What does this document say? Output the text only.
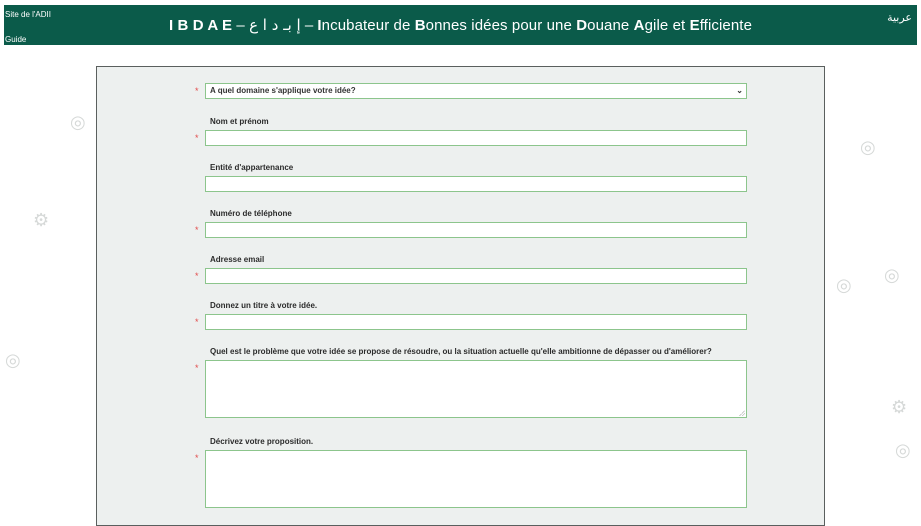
⚙
⚙
◎
◎
◎
◎
◎
◎
Site de l'ADII
Guide
عربية
I B D A E – إ بـ د ا ع – Incubateur de Bonnes idées pour une Douane Agile et Efficiente
*	A quel domaine s'applique votre idée?	⌄
Nom et prénom
*
Entité d'appartenance
Numéro de téléphone
*
Adresse email
*
Donnez un titre à votre idée.
*
Quel est le problème que votre idée se propose de résoudre, ou la situation actuelle qu'elle ambitionne de dépasser ou d'améliorer?
*
Décrivez votre proposition.
*
